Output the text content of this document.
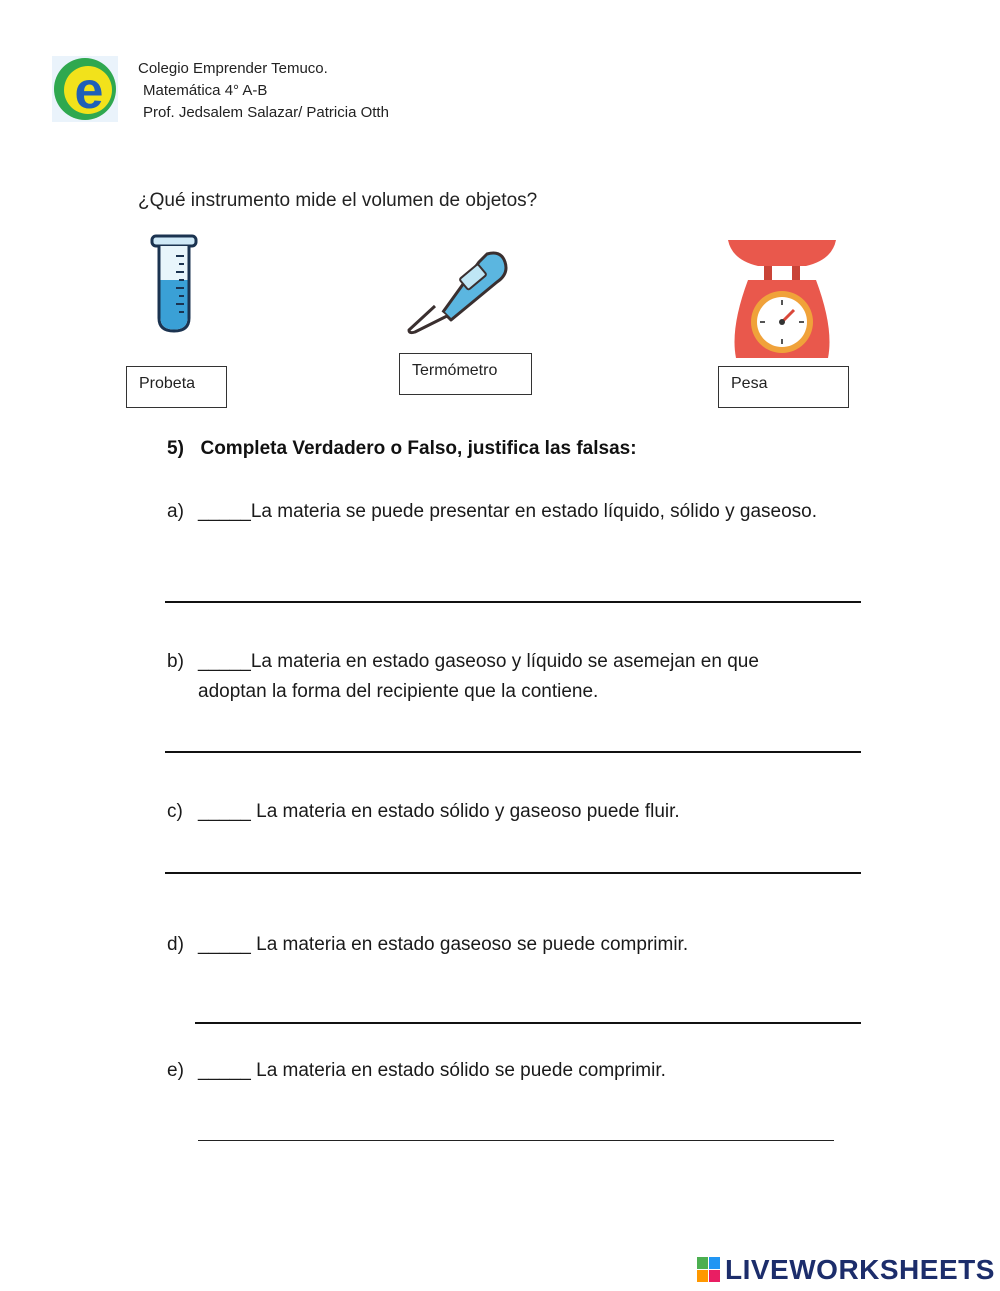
e Colegio Emprender Temuco.
Matemática 4° A-B
Prof. Jedsalem Salazar/ Patricia Otth
¿Qué instrumento mide el volumen de objetos?
Probeta
Termómetro
Pesa
5) Completa Verdadero o Falso, justifica las falsas:
a) _____La materia se puede presentar en estado líquido, sólido y gaseoso.
b) _____La materia en estado gaseoso y líquido se asemejan en que adoptan la forma del recipiente que la contiene.
c) _____ La materia en estado sólido y gaseoso puede fluir.
d) _____ La materia en estado gaseoso se puede comprimir.
e) _____ La materia en estado sólido se puede comprimir.
LIVEWORKSHEETS
